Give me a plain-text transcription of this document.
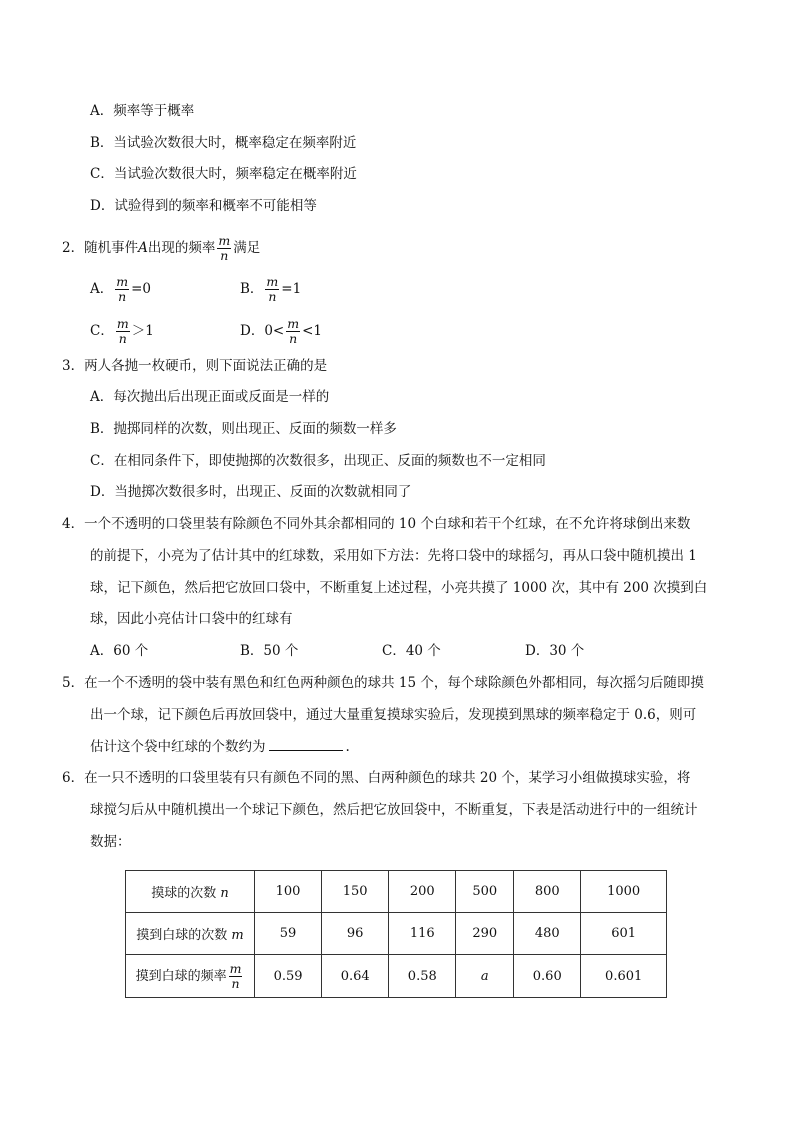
A．频率等于概率
B．当试验次数很大时，概率稳定在频率附近
C．当试验次数很大时，频率稳定在概率附近
D．试验得到的频率和概率不可能相等
2．随机事件A出现的频率 $\frac{m}{n}$ 满足
A． $\frac{m}{n} =0$	B． $\frac{m}{n} =1$
C． $\frac{m}{n} >1$	D．$0< \frac{m}{n} <1$
3．两人各抛一枚硬币，则下面说法正确的是
A．每次抛出后出现正面或反面是一样的
B．抛掷同样的次数，则出现正、反面的频数一样多
C．在相同条件下，即使抛掷的次数很多，出现正、反面的频数也不一定相同
D．当抛掷次数很多时，出现正、反面的次数就相同了
4．一个不透明的口袋里装有除颜色不同外其余都相同的 10 个白球和若干个红球，在不允许将球倒出来数
的前提下，小亮为了估计其中的红球数，采用如下方法：先将口袋中的球摇匀，再从口袋中随机摸出 1
球，记下颜色，然后把它放回口袋中，不断重复上述过程，小亮共摸了 1000 次，其中有 200 次摸到白
球，因此小亮估计口袋中的红球有
A．60 个	B．50 个	C．40 个	D．30 个
5．在一个不透明的袋中装有黑色和红色两种颜色的球共 15 个，每个球除颜色外都相同，每次摇匀后随即摸
出一个球，记下颜色后再放回袋中，通过大量重复摸球实验后，发现摸到黑球的频率稳定于 0.6，则可
估计这个袋中红球的个数约为	.
6．在一只不透明的口袋里装有只有颜色不同的黑、白两种颜色的球共 20 个，某学习小组做摸球实验，将
球搅匀后从中随机摸出一个球记下颜色，然后把它放回袋中，不断重复，下表是活动进行中的一组统计
数据：
摸球的次数 n	100	150	200	500	800	1000
摸到白球的次数 m	59	96	116	290	480	601
摸到白球的频率 $\frac{m}{n}$	0.59	0.64	0.58	a	0.60	0.601
